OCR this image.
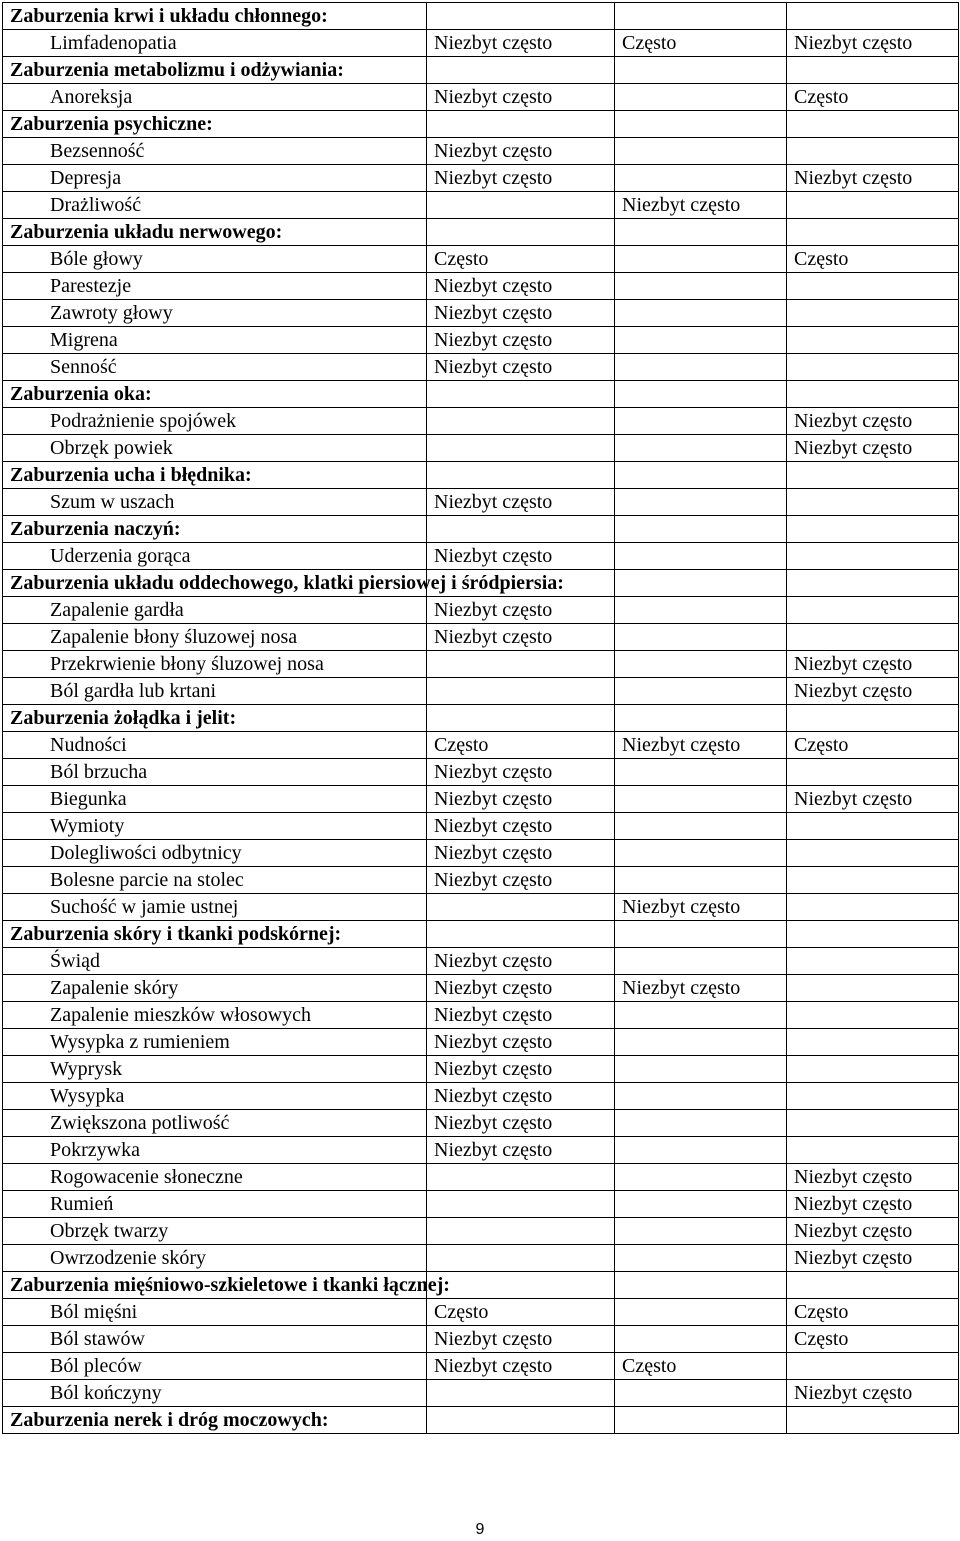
Zaburzenia krwi i układu chłonnego:			
Limfadenopatia	Niezbyt często	Często	Niezbyt często
Zaburzenia metabolizmu i odżywiania:			
Anoreksja	Niezbyt często		Często
Zaburzenia psychiczne:			
Bezsenność	Niezbyt często		
Depresja	Niezbyt często		Niezbyt często
Drażliwość		Niezbyt często	
Zaburzenia układu nerwowego:			
Bóle głowy	Często		Często
Parestezje	Niezbyt często		
Zawroty głowy	Niezbyt często		
Migrena	Niezbyt często		
Senność	Niezbyt często		
Zaburzenia oka:			
Podrażnienie spojówek			Niezbyt często
Obrzęk powiek			Niezbyt często
Zaburzenia ucha i błędnika:			
Szum w uszach	Niezbyt często		
Zaburzenia naczyń:			
Uderzenia gorąca	Niezbyt często		
Zaburzenia układu oddechowego, klatki piersiowej i śródpiersia:			
Zapalenie gardła	Niezbyt często		
Zapalenie błony śluzowej nosa	Niezbyt często		
Przekrwienie błony śluzowej nosa			Niezbyt często
Ból gardła lub krtani			Niezbyt często
Zaburzenia żołądka i jelit:			
Nudności	Często	Niezbyt często	Często
Ból brzucha	Niezbyt często		
Biegunka	Niezbyt często		Niezbyt często
Wymioty	Niezbyt często		
Dolegliwości odbytnicy	Niezbyt często		
Bolesne parcie na stolec	Niezbyt często		
Suchość w jamie ustnej		Niezbyt często	
Zaburzenia skóry i tkanki podskórnej:			
Świąd	Niezbyt często		
Zapalenie skóry	Niezbyt często	Niezbyt często	
Zapalenie mieszków włosowych	Niezbyt często		
Wysypka z rumieniem	Niezbyt często		
Wyprysk	Niezbyt często		
Wysypka	Niezbyt często		
Zwiększona potliwość	Niezbyt często		
Pokrzywka	Niezbyt często		
Rogowacenie słoneczne			Niezbyt często
Rumień			Niezbyt często
Obrzęk twarzy			Niezbyt często
Owrzodzenie skóry			Niezbyt często
Zaburzenia mięśniowo-szkieletowe i tkanki łącznej:			
Ból mięśni	Często		Często
Ból stawów	Niezbyt często		Często
Ból pleców	Niezbyt często	Często	
Ból kończyny			Niezbyt często
Zaburzenia nerek i dróg moczowych:			
9
